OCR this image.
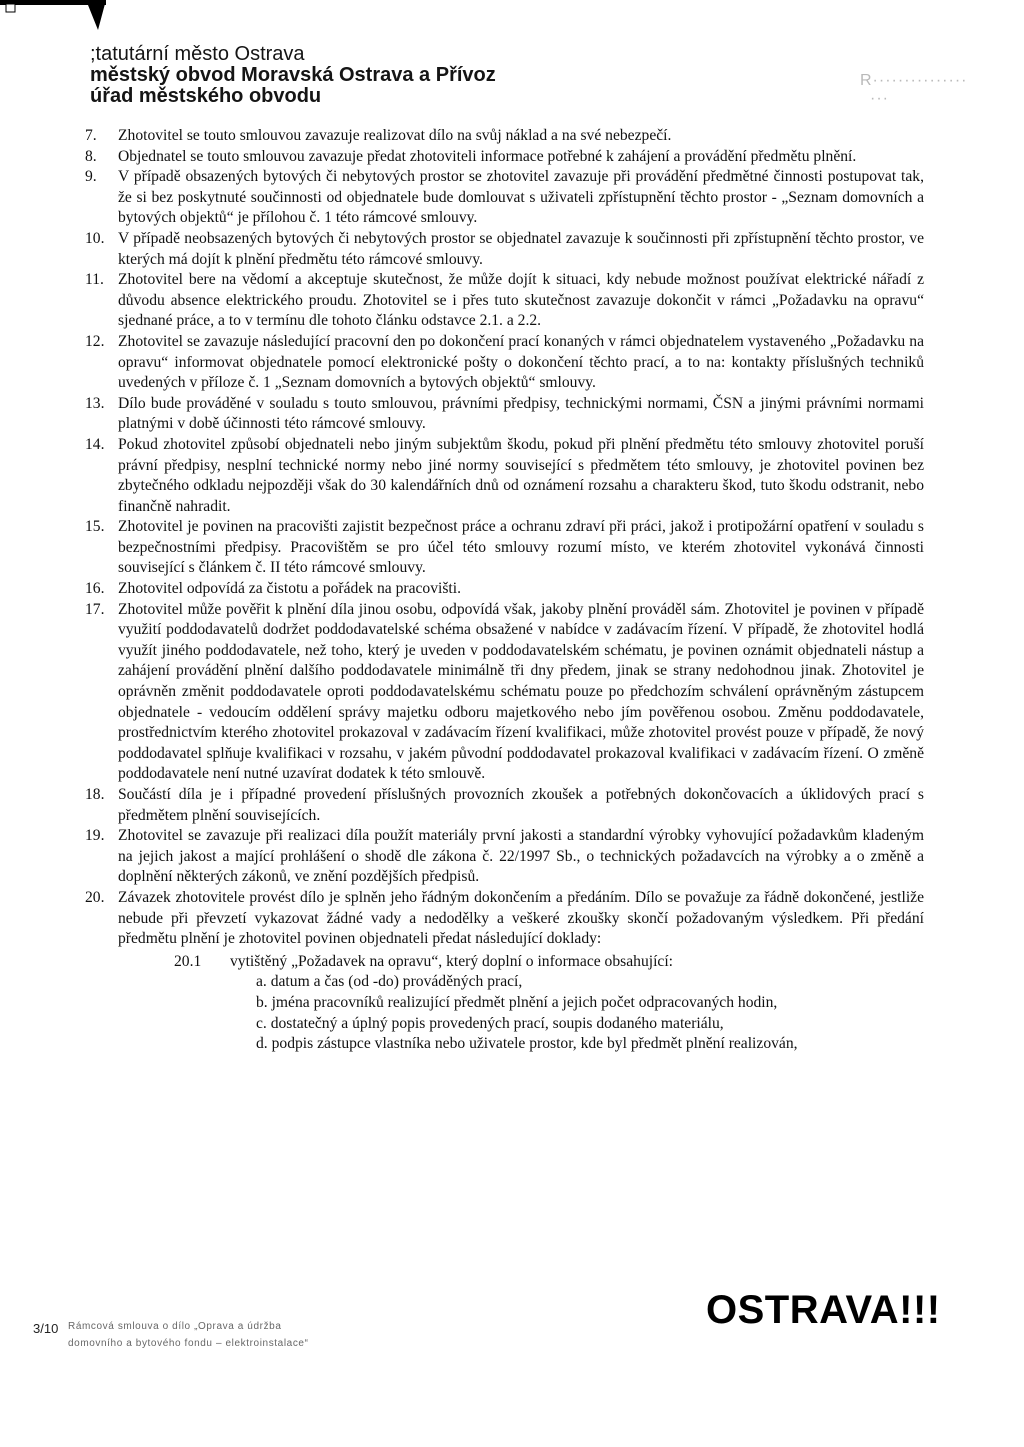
;tatutární město Ostrava
městský obvod Moravská Ostrava a Přívoz
úřad městského obvodu
R···············
···
7.	Zhotovitel se touto smlouvou zavazuje realizovat dílo na svůj náklad a na své nebezpečí.
8.	Objednatel se touto smlouvou zavazuje předat zhotoviteli informace potřebné k zahájení a provádění předmětu plnění.
9.	V případě obsazených bytových či nebytových prostor se zhotovitel zavazuje při provádění předmětné činnosti postupovat tak, že si bez poskytnuté součinnosti od objednatele bude domlouvat s uživateli zpřístupnění těchto prostor - „Seznam domovních a bytových objektů“ je přílohou č. 1 této rámcové smlouvy.
10. V případě neobsazených bytových či nebytových prostor se objednatel zavazuje k součinnosti při zpřístupnění těchto prostor, ve kterých má dojít k plnění předmětu této rámcové smlouvy.
11. Zhotovitel bere na vědomí a akceptuje skutečnost, že může dojít k situaci, kdy nebude možnost používat elektrické nářadí z důvodu absence elektrického proudu. Zhotovitel se i přes tuto skutečnost zavazuje dokončit v rámci „Požadavku na opravu“ sjednané práce, a to v termínu dle tohoto článku odstavce 2.1. a 2.2.
12. Zhotovitel se zavazuje následující pracovní den po dokončení prací konaných v rámci objednatelem vystaveného „Požadavku na opravu“ informovat objednatele pomocí elektronické pošty o dokončení těchto prací, a to na: kontakty příslušných techniků uvedených v příloze č. 1 „Seznam domovních a bytových objektů“ smlouvy.
13. Dílo bude prováděné v souladu s touto smlouvou, právními předpisy, technickými normami, ČSN a jinými právními normami platnými v době účinnosti této rámcové smlouvy.
14. Pokud zhotovitel způsobí objednateli nebo jiným subjektům škodu, pokud při plnění předmětu této smlouvy zhotovitel poruší právní předpisy, nesplní technické normy nebo jiné normy související s předmětem této smlouvy, je zhotovitel povinen bez zbytečného odkladu nejpozději však do 30 kalendářních dnů od oznámení rozsahu a charakteru škod, tuto škodu odstranit, nebo finančně nahradit.
15. Zhotovitel je povinen na pracovišti zajistit bezpečnost práce a ochranu zdraví při práci, jakož i protipožární opatření v souladu s bezpečnostními předpisy. Pracovištěm se pro účel této smlouvy rozumí místo, ve kterém zhotovitel vykonává činnosti související s článkem č. II této rámcové smlouvy.
16. Zhotovitel odpovídá za čistotu a pořádek na pracovišti.
17. Zhotovitel může pověřit k plnění díla jinou osobu, odpovídá však, jakoby plnění prováděl sám. Zhotovitel je povinen v případě využití poddodavatelů dodržet poddodavatelské schéma obsažené v nabídce v zadávacím řízení. V případě, že zhotovitel hodlá využít jiného poddodavatele, než toho, který je uveden v poddodavatelském schématu, je povinen oznámit objednateli nástup a zahájení provádění plnění dalšího poddodavatele minimálně tři dny předem, jinak se strany nedohodnou jinak. Zhotovitel je oprávněn změnit poddodavatele oproti poddodavatelskému schématu pouze po předchozím schválení oprávněným zástupcem objednatele - vedoucím oddělení správy majetku odboru majetkového nebo jím pověřenou osobou. Změnu poddodavatele, prostřednictvím kterého zhotovitel prokazoval v zadávacím řízení kvalifikaci, může zhotovitel provést pouze v případě, že nový poddodavatel splňuje kvalifikaci v rozsahu, v jakém původní poddodavatel prokazoval kvalifikaci v zadávacím řízení. O změně poddodavatele není nutné uzavírat dodatek k této smlouvě.
18. Součástí díla je i případné provedení příslušných provozních zkoušek a potřebných dokončovacích a úklidových prací s předmětem plnění souvisejících.
19. Zhotovitel se zavazuje při realizaci díla použít materiály první jakosti a standardní výrobky vyhovující požadavkům kladeným na jejich jakost a mající prohlášení o shodě dle zákona č. 22/1997 Sb., o technických požadavcích na výrobky a o změně a doplnění některých zákonů, ve znění pozdějších předpisů.
20. Závazek zhotovitele provést dílo je splněn jeho řádným dokončením a předáním. Dílo se považuje za řádně dokončené, jestliže nebude při převzetí vykazovat žádné vady a nedodělky a veškeré zkoušky skončí požadovaným výsledkem. Při předání předmětu plnění je zhotovitel povinen objednateli předat následující doklady:
20.1	vytištěný „Požadavek na opravu“, který doplní o informace obsahující:
a. datum a čas (od -do) prováděných prací,
b. jména pracovníků realizující předmět plnění a jejich počet odpracovaných hodin,
c. dostatečný a úplný popis provedených prací, soupis dodaného materiálu,
d. podpis zástupce vlastníka nebo uživatele prostor, kde byl předmět plnění realizován,
3/10 Rámcová smlouva o dílo „Oprava a údržba
domovního a bytového fondu – elektroinstalace“
OSTRAVA!!!
